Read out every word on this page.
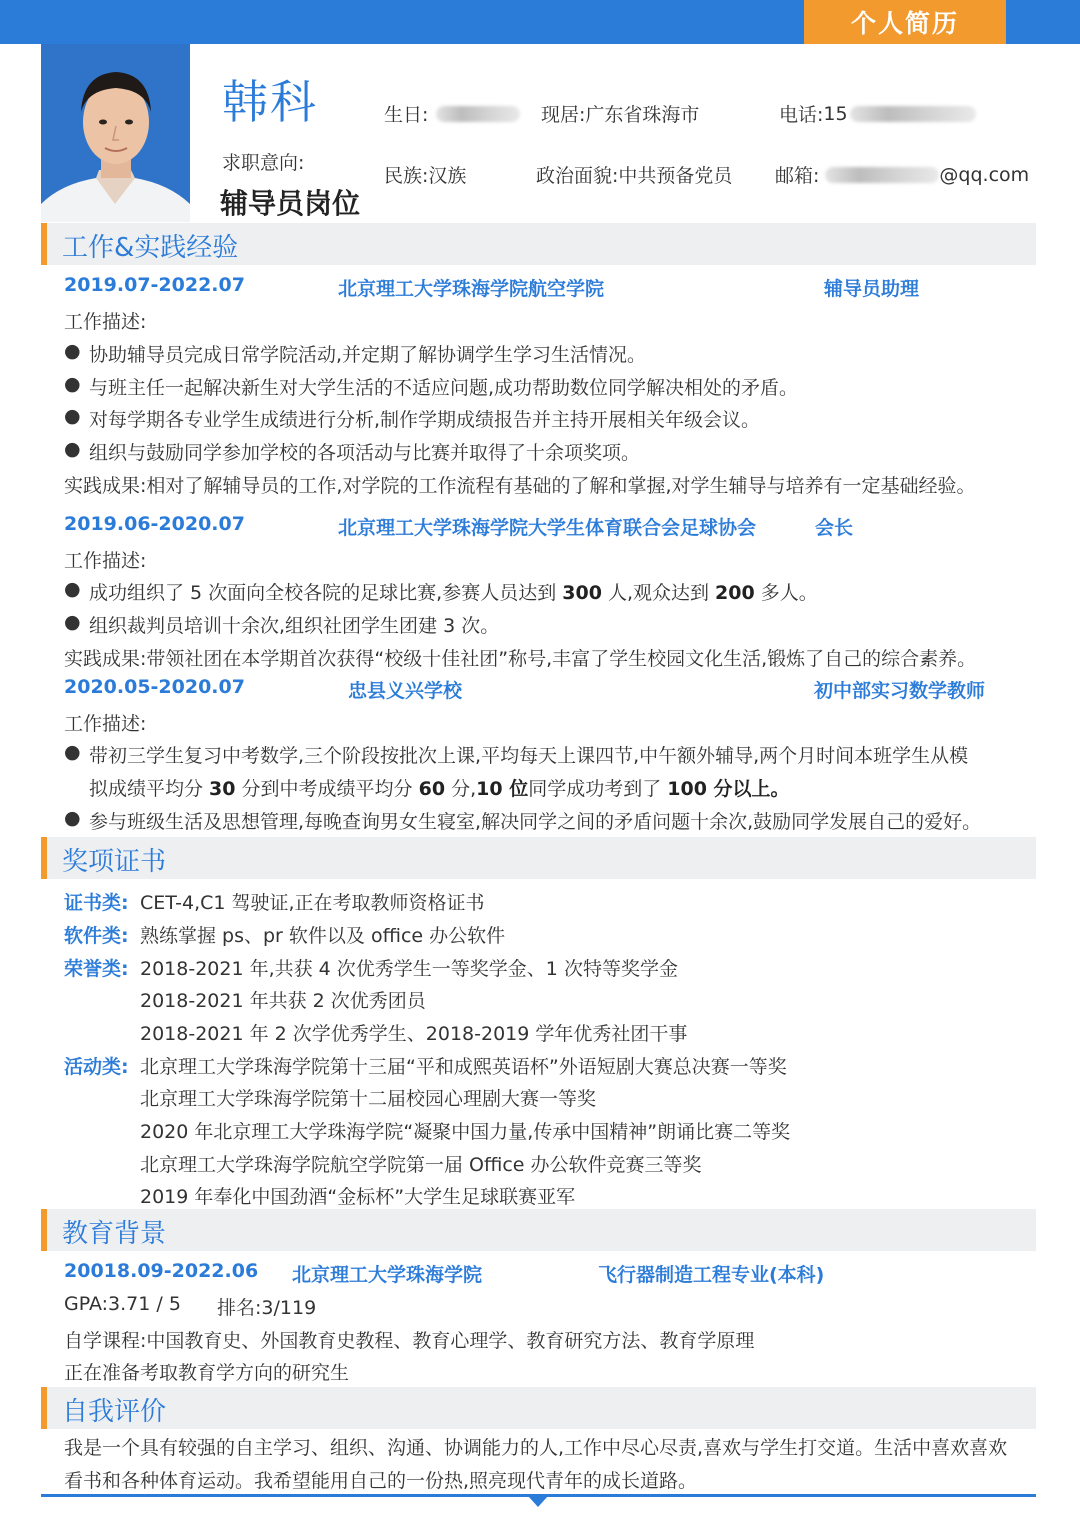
个人简历
韩科
求职意向:
辅导员岗位
生日:	现居:广东省珠海市	电话: 15
民族:汉族	政治面貌:中共预备党员 邮箱:	@qq.com
工作&实践经验
2019.07-2022.07	北京理工大学珠海学院航空学院	辅导员助理
工作描述:
● 协助辅导员完成日常学院活动,并定期了解协调学生学习生活情况。
● 与班主任一起解决新生对大学生活的不适应问题,成功帮助数位同学解决相处的矛盾。
● 对每学期各专业学生成绩进行分析,制作学期成绩报告并主持开展相关年级会议。
● 组织与鼓励同学参加学校的各项活动与比赛并取得了十余项奖项。
实践成果:相对了解辅导员的工作,对学院的工作流程有基础的了解和掌握,对学生辅导与培养有一定基础经验。
2019.06-2020.07	北京理工大学珠海学院大学生体育联合会足球协会	会长
工作描述:
● 成功组织了 5 次面向全校各院的足球比赛,参赛人员达到 300 人,观众达到 200 多人。
● 组织裁判员培训十余次,组织社团学生团建 3 次。
实践成果:带领社团在本学期首次获得“校级十佳社团”称号,丰富了学生校园文化生活,锻炼了自己的综合素养。
2020.05-2020.07	忠县义兴学校	初中部实习数学教师
工作描述:
● 带初三学生复习中考数学,三个阶段按批次上课,平均每天上课四节,中午额外辅导,两个月时间本班学生从模
拟成绩平均分 30 分到中考成绩平均分 60 分,10 位同学成功考到了 100 分以上。
● 参与班级生活及思想管理,每晚查询男女生寝室,解决同学之间的矛盾问题十余次,鼓励同学发展自己的爱好。
奖项证书
证书类: CET-4,C1 驾驶证,正在考取教师资格证书
软件类: 熟练掌握 ps、pr 软件以及 office 办公软件
荣誉类: 2018-2021 年,共获 4 次优秀学生一等奖学金、1 次特等奖学金
2018-2021 年共获 2 次优秀团员
2018-2021 年 2 次学优秀学生、2018-2019 学年优秀社团干事
活动类: 北京理工大学珠海学院第十三届“平和成熙英语杯”外语短剧大赛总决赛一等奖
北京理工大学珠海学院第十二届校园心理剧大赛一等奖
2020 年北京理工大学珠海学院“凝聚中国力量,传承中国精神”朗诵比赛二等奖
北京理工大学珠海学院航空学院第一届 Office 办公软件竞赛三等奖
2019 年奉化中国劲酒“金标杯”大学生足球联赛亚军
教育背景
20018.09-2022.06 北京理工大学珠海学院	飞行器制造工程专业(本科)
GPA:3.71 / 5 排名:3/119
自学课程:中国教育史、外国教育史教程、教育心理学、教育研究方法、教育学原理
正在准备考取教育学方向的研究生
自我评价
我是一个具有较强的自主学习、组织、沟通、协调能力的人,工作中尽心尽责,喜欢与学生打交道。生活中喜欢喜欢
看书和各种体育运动。我希望能用自己的一份热,照亮现代青年的成长道路。
